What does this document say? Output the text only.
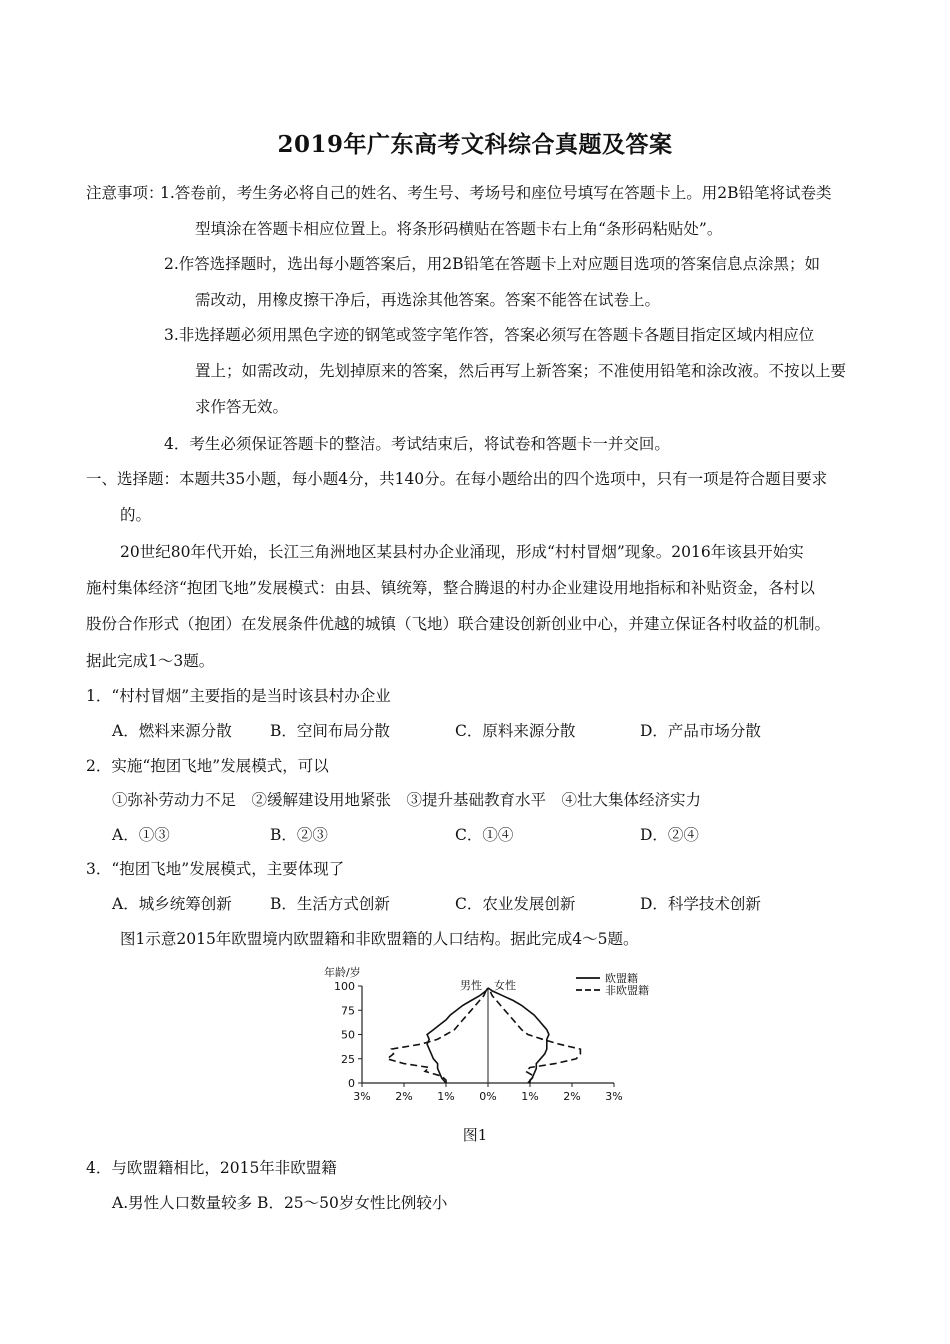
2019年广东高考文科综合真题及答案
注意事项：
1.答卷前，考生务必将自己的姓名、考生号、考场号和座位号填写在答题卡上。用2B铅笔将试卷类
型填涂在答题卡相应位置上。将条形码横贴在答题卡右上角“条形码粘贴处”。
2.作答选择题时，选出每小题答案后，用2B铅笔在答题卡上对应题目选项的答案信息点涂黑；如
需改动，用橡皮擦干净后，再选涂其他答案。答案不能答在试卷上。
3.非选择题必须用黑色字迹的钢笔或签字笔作答，答案必须写在答题卡各题目指定区域内相应位
置上；如需改动，先划掉原来的答案，然后再写上新答案；不准使用铅笔和涂改液。不按以上要
求作答无效。
4．考生必须保证答题卡的整洁。考试结束后，将试卷和答题卡一并交回。
一、选择题：本题共35小题，每小题4分，共140分。在每小题给出的四个选项中，只有一项是符合题目要求
的。
20世纪80年代开始，长江三角洲地区某县村办企业涌现，形成“村村冒烟”现象。2016年该县开始实
施村集体经济“抱团飞地”发展模式：由县、镇统筹，整合腾退的村办企业建设用地指标和补贴资金，各村以
股份合作形式（抱团）在发展条件优越的城镇（飞地）联合建设创新创业中心，并建立保证各村收益的机制。
据此完成1～3题。
1．“村村冒烟”主要指的是当时该县村办企业
A．燃料来源分散 B．空间布局分散	C．原料来源分散	D．产品市场分散
2．实施“抱团飞地”发展模式，可以
①弥补劳动力不足　②缓解建设用地紧张　③提升基础教育水平　④壮大集体经济实力
A．①③	B．②③	C．①④	D．②④
3．“抱团飞地”发展模式，主要体现了
A．城乡统筹创新 B．生活方式创新	C．农业发展创新	D．科学技术创新
图1示意2015年欧盟境内欧盟籍和非欧盟籍的人口结构。据此完成4～5题。
0
25
50
75
100
3% 2% 1% 0% 1% 2% 3%
年龄/岁
男性 女性
欧盟籍
非欧盟籍
图1
4．与欧盟籍相比，2015年非欧盟籍
A.男性人口数量较多 B．25～50岁女性比例较小
